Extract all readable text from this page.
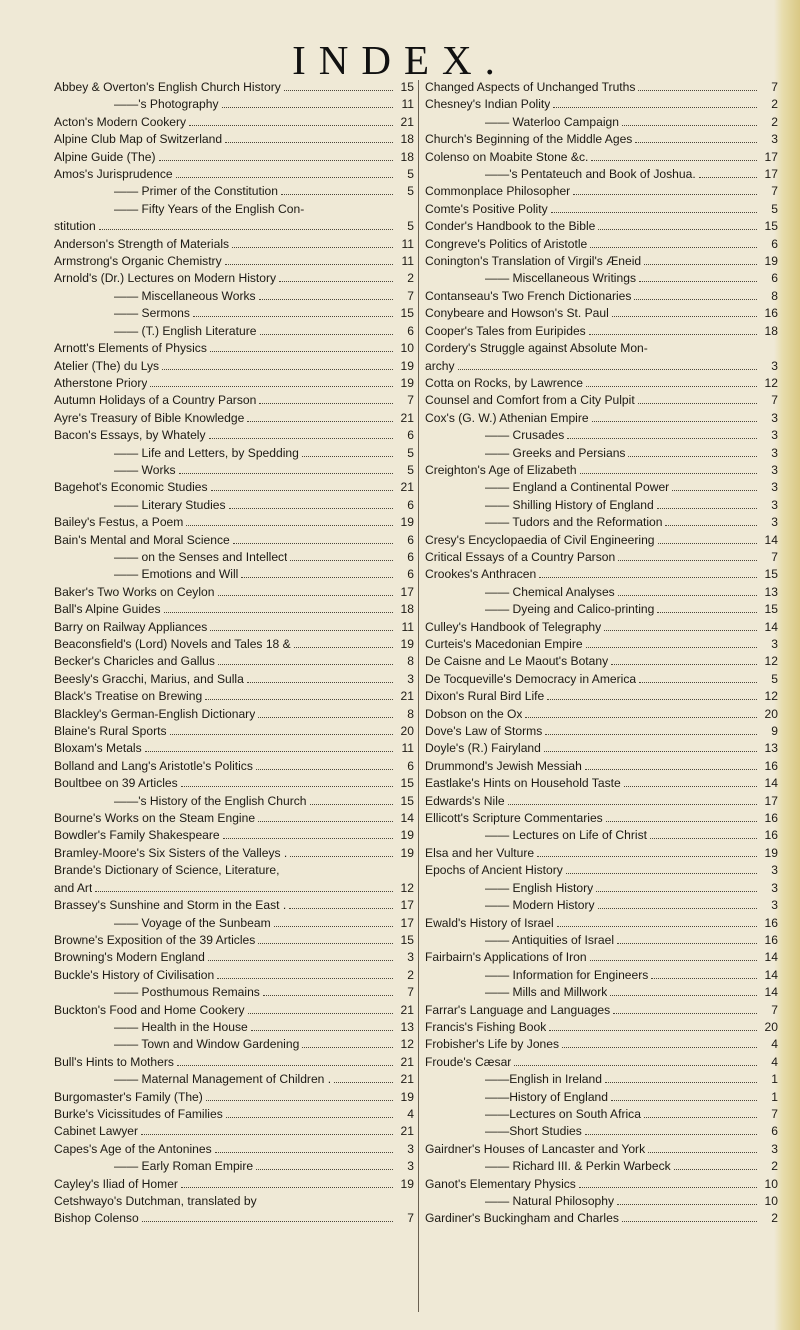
INDEX.
Abbey & Overton's English Church History	15
——'s Photography	11
Acton's Modern Cookery	21
Alpine Club Map of Switzerland	18
Alpine Guide (The)	18
Amos's Jurisprudence	5
—— Primer of the Constitution	5
—— Fifty Years of the English Con-
stitution	5
Anderson's Strength of Materials	11
Armstrong's Organic Chemistry	11
Arnold's (Dr.) Lectures on Modern History	2
—— Miscellaneous Works	7
—— Sermons	15
—— (T.) English Literature	6
Arnott's Elements of Physics	10
Atelier (The) du Lys	19
Atherstone Priory	19
Autumn Holidays of a Country Parson	7
Ayre's Treasury of Bible Knowledge	21
Bacon's Essays, by Whately	6
—— Life and Letters, by Spedding	5
—— Works	5
Bagehot's Economic Studies	21
—— Literary Studies	6
Bailey's Festus, a Poem	19
Bain's Mental and Moral Science	6
—— on the Senses and Intellect	6
—— Emotions and Will	6
Baker's Two Works on Ceylon	17
Ball's Alpine Guides	18
Barry on Railway Appliances	11
Beaconsfield's (Lord) Novels and Tales 18 &	19
Becker's Charicles and Gallus	8
Beesly's Gracchi, Marius, and Sulla	3
Black's Treatise on Brewing	21
Blackley's German-English Dictionary	8
Blaine's Rural Sports	20
Bloxam's Metals	11
Bolland and Lang's Aristotle's Politics	6
Boultbee on 39 Articles	15
——'s History of the English Church	15
Bourne's Works on the Steam Engine	14
Bowdler's Family Shakespeare	19
Bramley-Moore's Six Sisters of the Valleys .	19
Brande's Dictionary of Science, Literature,
and Art	12
Brassey's Sunshine and Storm in the East .	17
—— Voyage of the Sunbeam	17
Browne's Exposition of the 39 Articles	15
Browning's Modern England	3
Buckle's History of Civilisation	2
—— Posthumous Remains	7
Buckton's Food and Home Cookery	21
—— Health in the House	13
—— Town and Window Gardening	12
Bull's Hints to Mothers	21
—— Maternal Management of Children .	21
Burgomaster's Family (The)	19
Burke's Vicissitudes of Families	4
Cabinet Lawyer	21
Capes's Age of the Antonines	3
—— Early Roman Empire	3
Cayley's Iliad of Homer	19
Cetshwayo's Dutchman, translated by
Bishop Colenso	7
Changed Aspects of Unchanged Truths	7
Chesney's Indian Polity	2
—— Waterloo Campaign	2
Church's Beginning of the Middle Ages	3
Colenso on Moabite Stone &c.	17
——'s Pentateuch and Book of Joshua.	17
Commonplace Philosopher	7
Comte's Positive Polity	5
Conder's Handbook to the Bible	15
Congreve's Politics of Aristotle	6
Conington's Translation of Virgil's Æneid	19
—— Miscellaneous Writings	6
Contanseau's Two French Dictionaries	8
Conybeare and Howson's St. Paul	16
Cooper's Tales from Euripides	18
Cordery's Struggle against Absolute Mon-
archy	3
Cotta on Rocks, by Lawrence	12
Counsel and Comfort from a City Pulpit	7
Cox's (G. W.) Athenian Empire	3
—— Crusades	3
—— Greeks and Persians	3
Creighton's Age of Elizabeth	3
—— England a Continental Power	3
—— Shilling History of England	3
—— Tudors and the Reformation	3
Cresy's Encyclopaedia of Civil Engineering	14
Critical Essays of a Country Parson	7
Crookes's Anthracen	15
—— Chemical Analyses	13
—— Dyeing and Calico-printing	15
Culley's Handbook of Telegraphy	14
Curteis's Macedonian Empire	3
De Caisne and Le Maout's Botany	12
De Tocqueville's Democracy in America	5
Dixon's Rural Bird Life	12
Dobson on the Ox	20
Dove's Law of Storms	9
Doyle's (R.) Fairyland	13
Drummond's Jewish Messiah	16
Eastlake's Hints on Household Taste	14
Edwards's Nile	17
Ellicott's Scripture Commentaries	16
—— Lectures on Life of Christ	16
Elsa and her Vulture	19
Epochs of Ancient History	3
—— English History	3
—— Modern History	3
Ewald's History of Israel	16
—— Antiquities of Israel	16
Fairbairn's Applications of Iron	14
—— Information for Engineers	14
—— Mills and Millwork	14
Farrar's Language and Languages	7
Francis's Fishing Book	20
Frobisher's Life by Jones	4
Froude's Cæsar	4
——English in Ireland	1
——History of England	1
——Lectures on South Africa	7
——Short Studies	6
Gairdner's Houses of Lancaster and York	3
—— Richard III. & Perkin Warbeck	2
Ganot's Elementary Physics	10
—— Natural Philosophy	10
Gardiner's Buckingham and Charles	2
